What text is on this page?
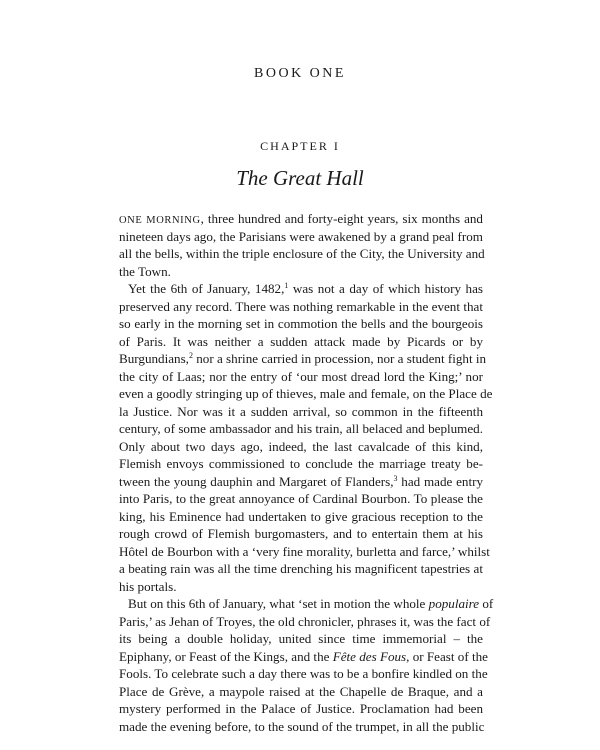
BOOK ONE
CHAPTER I
The Great Hall
ONE MORNING, three hundred and forty-eight years, six months and
nineteen days ago, the Parisians were awakened by a grand peal from
all the bells, within the triple enclosure of the City, the University and
the Town.
Yet the 6th of January, 1482,$^1$ was not a day of which history has
preserved any record. There was nothing remarkable in the event that
so early in the morning set in commotion the bells and the bourgeois
of Paris. It was neither a sudden attack made by Picards or by
Burgundians,$^2$ nor a shrine carried in procession, nor a student fight in
the city of Laas; nor the entry of ‘our most dread lord the King;’ nor
even a goodly stringing up of thieves, male and female, on the Place de
la Justice. Nor was it a sudden arrival, so common in the fifteenth
century, of some ambassador and his train, all belaced and beplumed.
Only about two days ago, indeed, the last cavalcade of this kind,
Flemish envoys commissioned to conclude the marriage treaty be-
tween the young dauphin and Margaret of Flanders,$^3$ had made entry
into Paris, to the great annoyance of Cardinal Bourbon. To please the
king, his Eminence had undertaken to give gracious reception to the
rough crowd of Flemish burgomasters, and to entertain them at his
Hôtel de Bourbon with a ‘very fine morality, burletta and farce,’ whilst
a beating rain was all the time drenching his magnificent tapestries at
his portals.
But on this 6th of January, what ‘set in motion the whole populaire of
Paris,’ as Jehan of Troyes, the old chronicler, phrases it, was the fact of
its being a double holiday, united since time immemorial – the
Epiphany, or Feast of the Kings, and the Fête des Fous, or Feast of the
Fools. To celebrate such a day there was to be a bonfire kindled on the
Place de Grève, a maypole raised at the Chapelle de Braque, and a
mystery performed in the Palace of Justice. Proclamation had been
made the evening before, to the sound of the trumpet, in all the public
